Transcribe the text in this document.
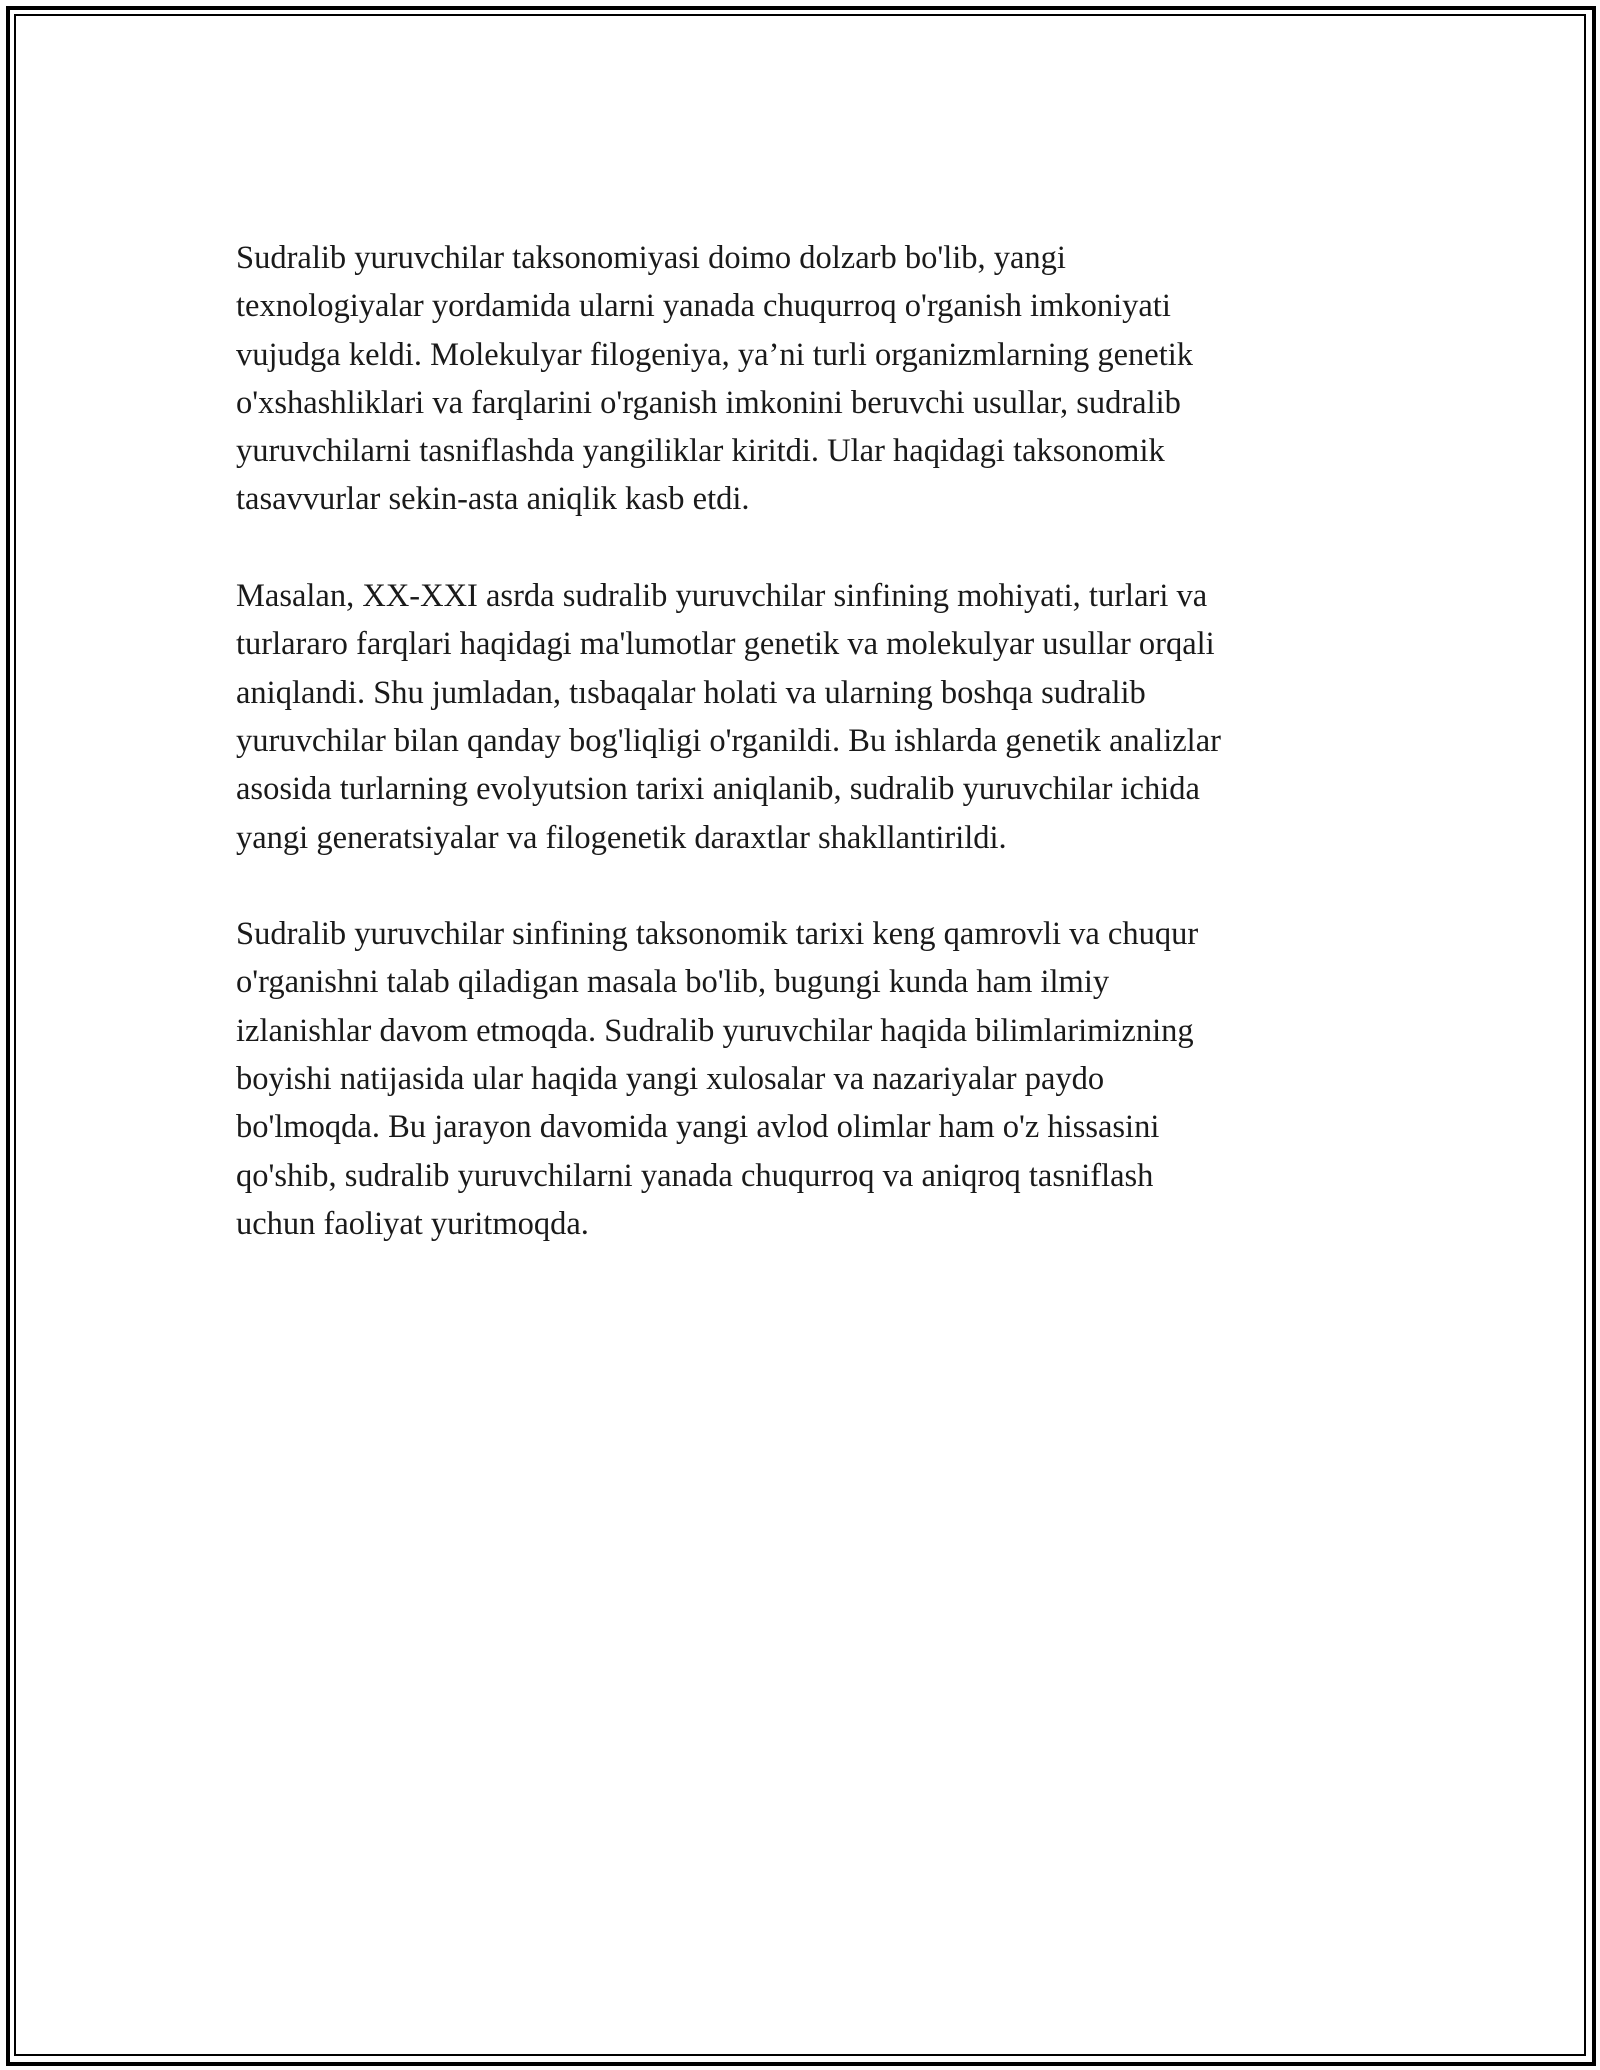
Sudralib yuruvchilar taksonomiyasi doimo dolzarb bo'lib, yangi
texnologiyalar yordamida ularni yanada chuqurroq o'rganish imkoniyati
vujudga keldi. Molekulyar filogeniya, ya’ni turli organizmlarning genetik
o'xshashliklari va farqlarini o'rganish imkonini beruvchi usullar, sudralib
yuruvchilarni tasniflashda yangiliklar kiritdi. Ular haqidagi taksonomik
tasavvurlar sekin-asta aniqlik kasb etdi.

Masalan, XX-XXI asrda sudralib yuruvchilar sinfining mohiyati, turlari va
turlararo farqlari haqidagi ma'lumotlar genetik va molekulyar usullar orqali
aniqlandi. Shu jumladan, tısbaqalar holati va ularning boshqa sudralib
yuruvchilar bilan qanday bog'liqligi o'rganildi. Bu ishlarda genetik analizlar
asosida turlarning evolyutsion tarixi aniqlanib, sudralib yuruvchilar ichida
yangi generatsiyalar va filogenetik daraxtlar shakllantirildi.

Sudralib yuruvchilar sinfining taksonomik tarixi keng qamrovli va chuqur
o'rganishni talab qiladigan masala bo'lib, bugungi kunda ham ilmiy
izlanishlar davom etmoqda. Sudralib yuruvchilar haqida bilimlarimizning
boyishi natijasida ular haqida yangi xulosalar va nazariyalar paydo
bo'lmoqda. Bu jarayon davomida yangi avlod olimlar ham o'z hissasini
qo'shib, sudralib yuruvchilarni yanada chuqurroq va aniqroq tasniflash
uchun faoliyat yuritmoqda.
